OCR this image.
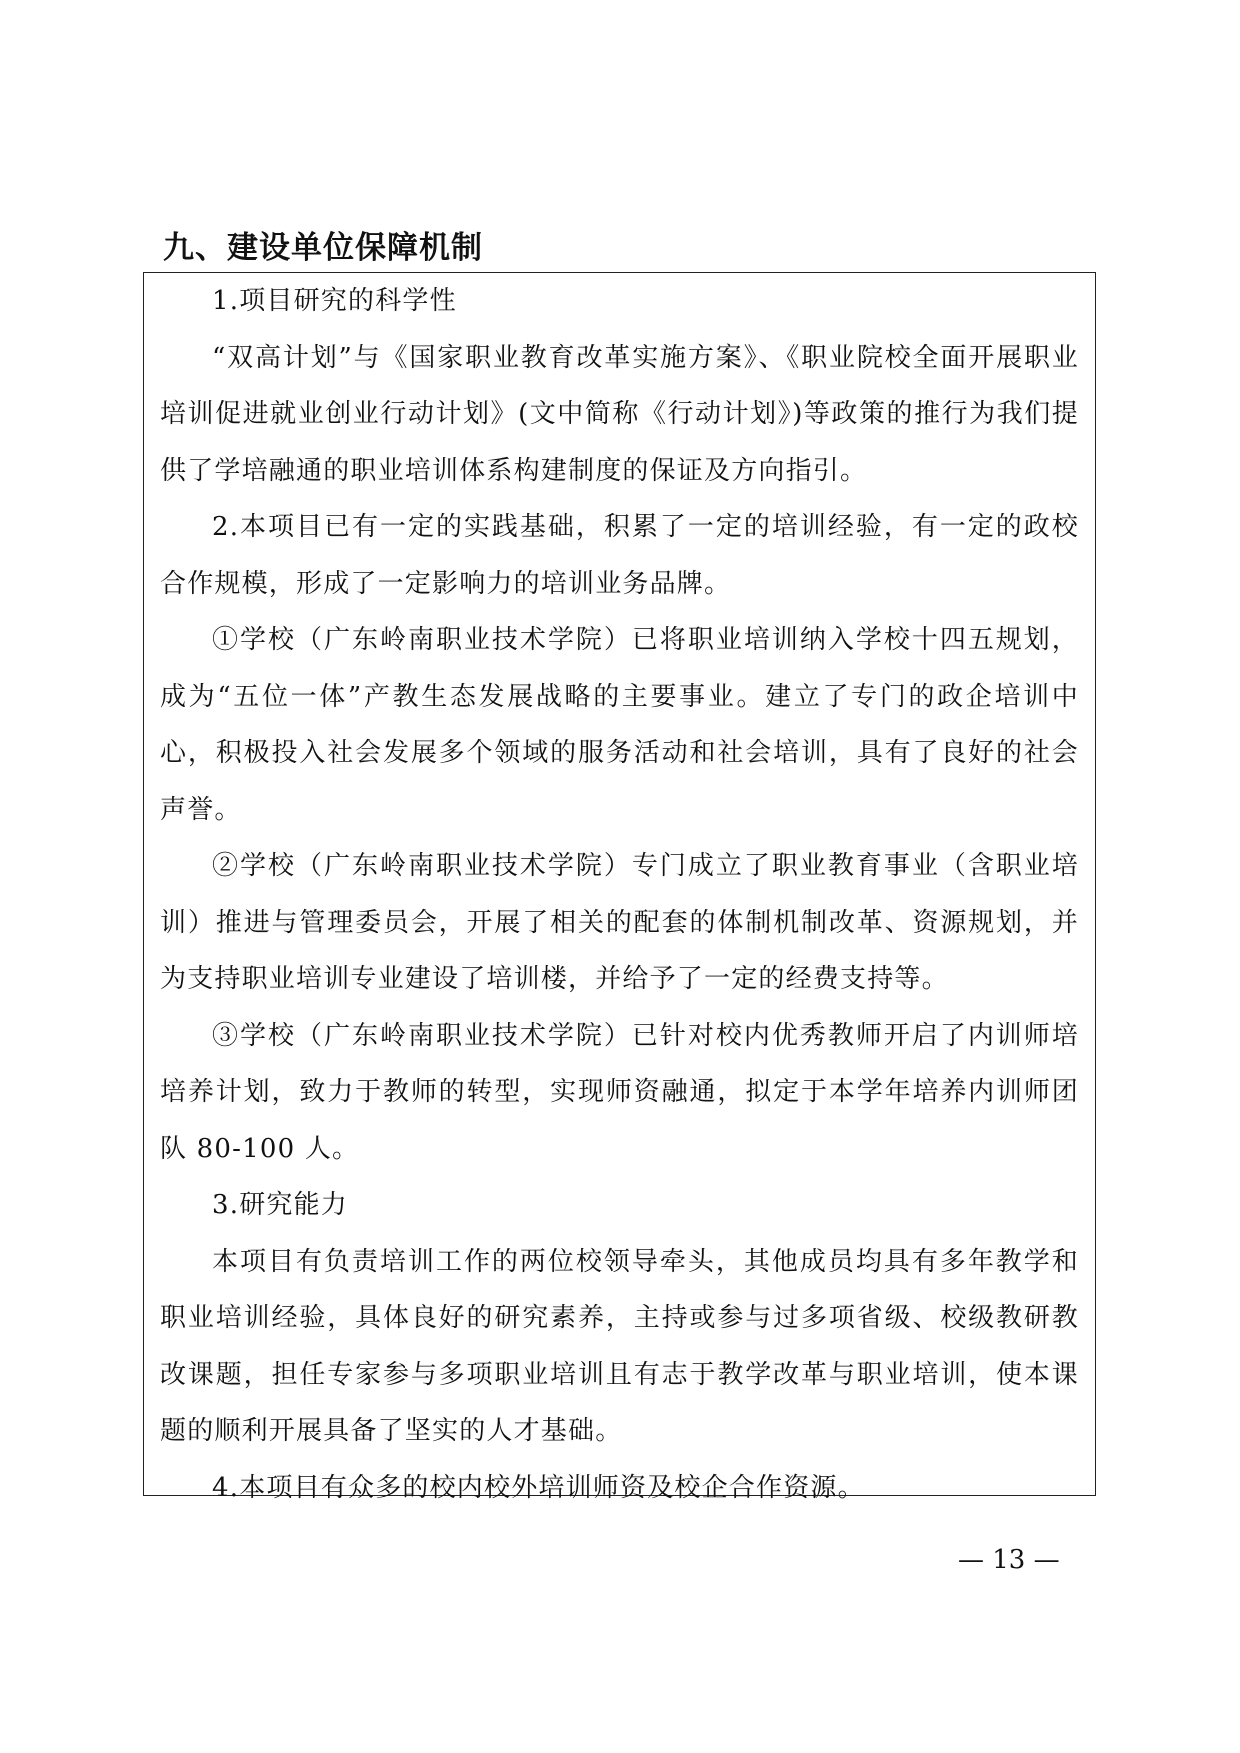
九、建设单位保障机制

1.项目研究的科学性

“双高计划”与《国家职业教育改革实施方案》、《职业院校全面开展职业培训促进就业创业行动计划》(文中简称《行动计划》)等政策的推行为我们提供了学培融通的职业培训体系构建制度的保证及方向指引。

2.本项目已有一定的实践基础，积累了一定的培训经验，有一定的政校合作规模，形成了一定影响力的培训业务品牌。

①学校（广东岭南职业技术学院）已将职业培训纳入学校十四五规划，成为“五位一体”产教生态发展战略的主要事业。建立了专门的政企培训中心，积极投入社会发展多个领域的服务活动和社会培训，具有了良好的社会声誉。

②学校（广东岭南职业技术学院）专门成立了职业教育事业（含职业培训）推进与管理委员会，开展了相关的配套的体制机制改革、资源规划，并为支持职业培训专业建设了培训楼，并给予了一定的经费支持等。

③学校（广东岭南职业技术学院）已针对校内优秀教师开启了内训师培培养计划，致力于教师的转型，实现师资融通，拟定于本学年培养内训师团队 80-100 人。

3.研究能力

本项目有负责培训工作的两位校领导牵头，其他成员均具有多年教学和职业培训经验，具体良好的研究素养，主持或参与过多项省级、校级教研教改课题，担任专家参与多项职业培训且有志于教学改革与职业培训，使本课题的顺利开展具备了坚实的人才基础。

4.本项目有众多的校内校外培训师资及校企合作资源。

— 13 —
